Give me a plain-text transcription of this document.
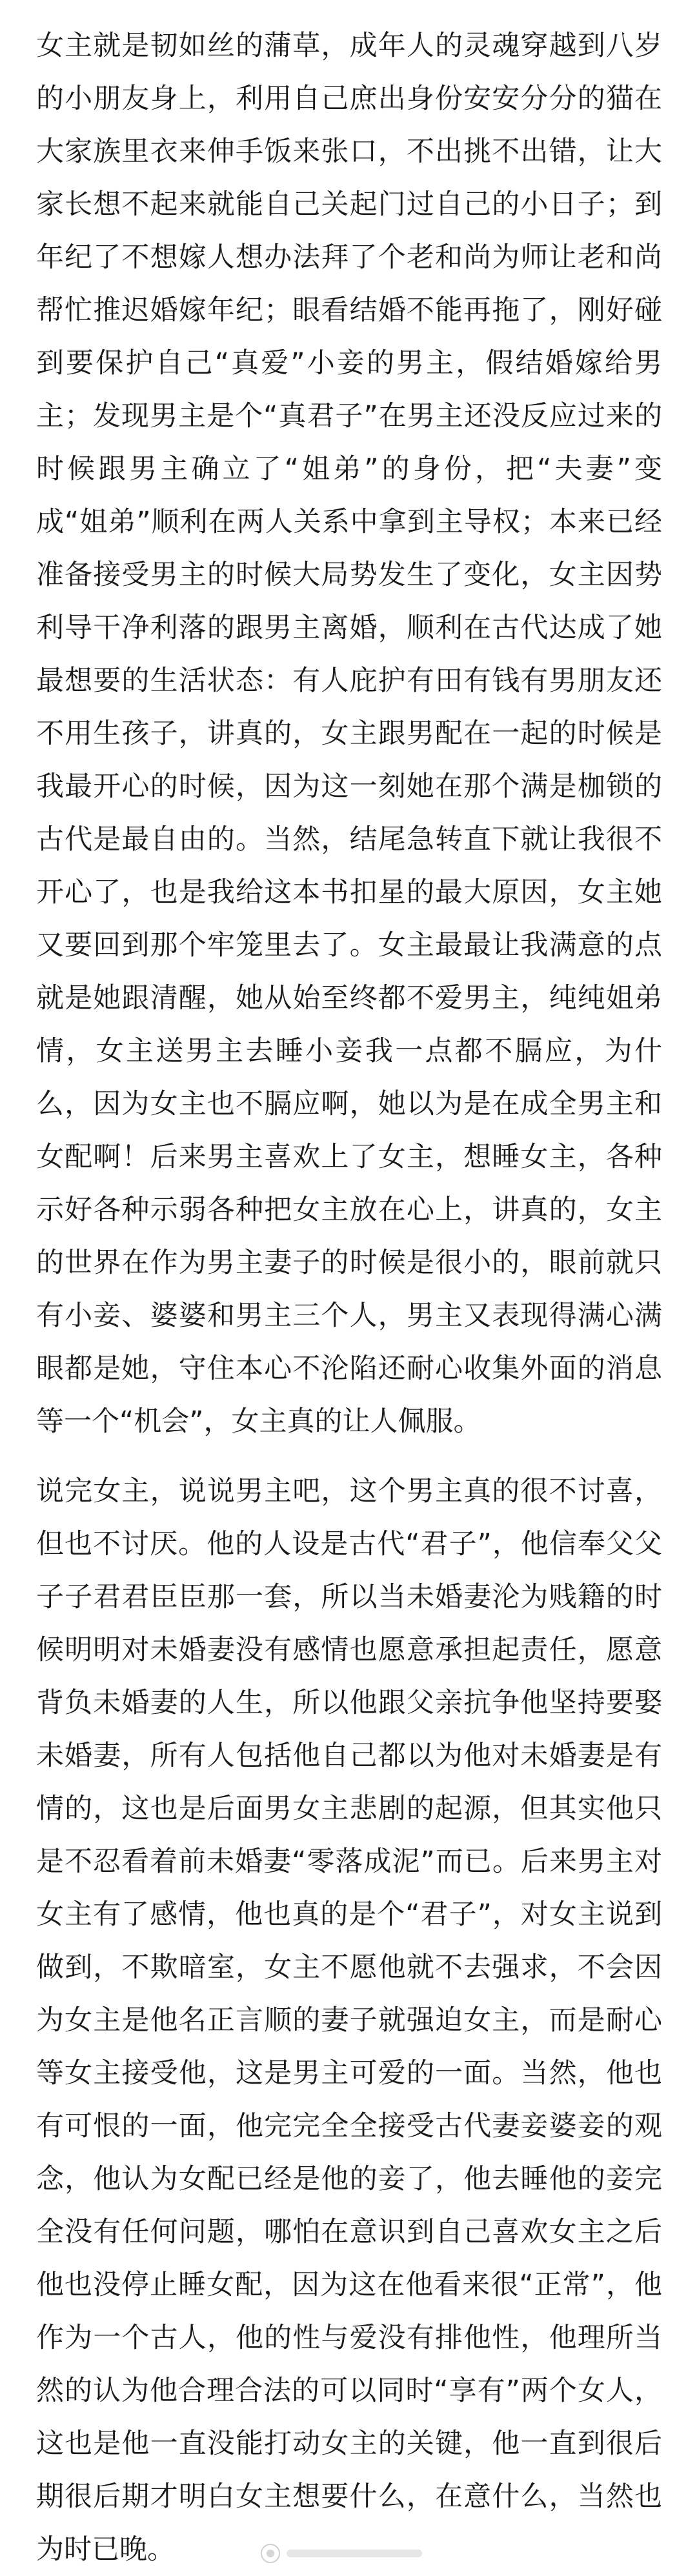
女主就是韧如丝的蒲草，成年人的灵魂穿越到八岁的小朋友身上，利用自己庶出身份安安分分的猫在大家族里衣来伸手饭来张口，不出挑不出错，让大家长想不起来就能自己关起门过自己的小日子；到年纪了不想嫁人想办法拜了个老和尚为师让老和尚帮忙推迟婚嫁年纪；眼看结婚不能再拖了，刚好碰到要保护自己“真爱”小妾的男主，假结婚嫁给男主；发现男主是个“真君子”在男主还没反应过来的时候跟男主确立了“姐弟”的身份，把“夫妻”变成“姐弟”顺利在两人关系中拿到主导权；本来已经准备接受男主的时候大局势发生了变化，女主因势利导干净利落的跟男主离婚，顺利在古代达成了她最想要的生活状态：有人庇护有田有钱有男朋友还不用生孩子，讲真的，女主跟男配在一起的时候是我最开心的时候，因为这一刻她在那个满是枷锁的古代是最自由的。当然，结尾急转直下就让我很不开心了，也是我给这本书扣星的最大原因，女主她又要回到那个牢笼里去了。女主最最让我满意的点就是她跟清醒，她从始至终都不爱男主，纯纯姐弟情，女主送男主去睡小妾我一点都不膈应，为什么，因为女主也不膈应啊，她以为是在成全男主和女配啊！后来男主喜欢上了女主，想睡女主，各种示好各种示弱各种把女主放在心上，讲真的，女主的世界在作为男主妻子的时候是很小的，眼前就只有小妾、婆婆和男主三个人，男主又表现得满心满眼都是她，守住本心不沦陷还耐心收集外面的消息等一个“机会”，女主真的让人佩服。

说完女主，说说男主吧，这个男主真的很不讨喜，但也不讨厌。他的人设是古代“君子”，他信奉父父子子君君臣臣那一套，所以当未婚妻沦为贱籍的时候明明对未婚妻没有感情也愿意承担起责任，愿意背负未婚妻的人生，所以他跟父亲抗争他坚持要娶未婚妻，所有人包括他自己都以为他对未婚妻是有情的，这也是后面男女主悲剧的起源，但其实他只是不忍看着前未婚妻“零落成泥”而已。后来男主对女主有了感情，他也真的是个“君子”，对女主说到做到，不欺暗室，女主不愿他就不去强求，不会因为女主是他名正言顺的妻子就强迫女主，而是耐心等女主接受他，这是男主可爱的一面。当然，他也有可恨的一面，他完完全全接受古代妻妾婆妾的观念，他认为女配已经是他的妾了，他去睡他的妾完全没有任何问题，哪怕在意识到自己喜欢女主之后他也没停止睡女配，因为这在他看来很“正常”，他作为一个古人，他的性与爱没有排他性，他理所当然的认为他合理合法的可以同时“享有”两个女人，这也是他一直没能打动女主的关键，他一直到很后期很后期才明白女主想要什么，在意什么，当然也为时已晚。
